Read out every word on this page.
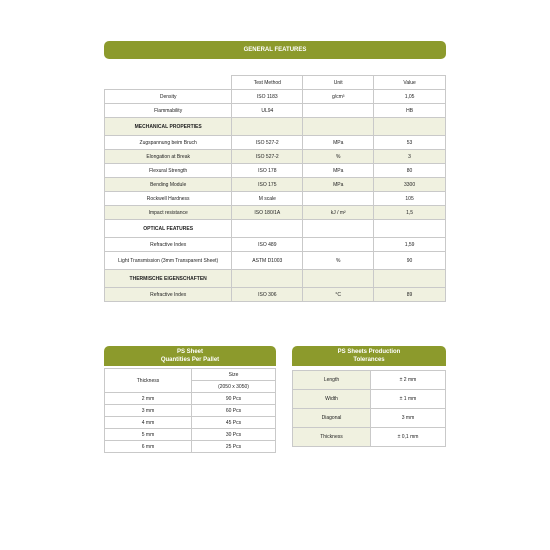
GENERAL FEATURES
	Test Method	Unit	Value
Density	ISO 1183	g/cm³	1,05
Flammability	UL94		HB
MECHANICAL PROPERTIES			
Zugspannung beim Bruch	ISO 527-2	MPa	53
Elongation at Break	ISO 527-2	%	3
Flexural Strength	ISO 178	MPa	80
Bending Module	ISO 175	MPa	3300
Rockwell Hardness	M scale		105
Impact resistance	ISO 180/1A	kJ / m²	1,5
OPTICAL FEATURES			
Refractive Index	ISO 489		1,59
Light Transmission (3mm Transparent Sheet)	ASTM D1003	%	90
THERMISCHE EIGENSCHAFTEN			
Refractive Index	ISO 306	°C	89
PS Sheet
Quantities Per Pallet
Thickness	Size
	(2050 x 3050)
2 mm	90 Pcs
3 mm	60 Pcs
4 mm	45 Pcs
5 mm	30 Pcs
6 mm	25 Pcs
PS Sheets Production
Tolerances
Length	± 2 mm
Width	± 1 mm
Diagonal	3 mm
Thickness	± 0,1 mm
